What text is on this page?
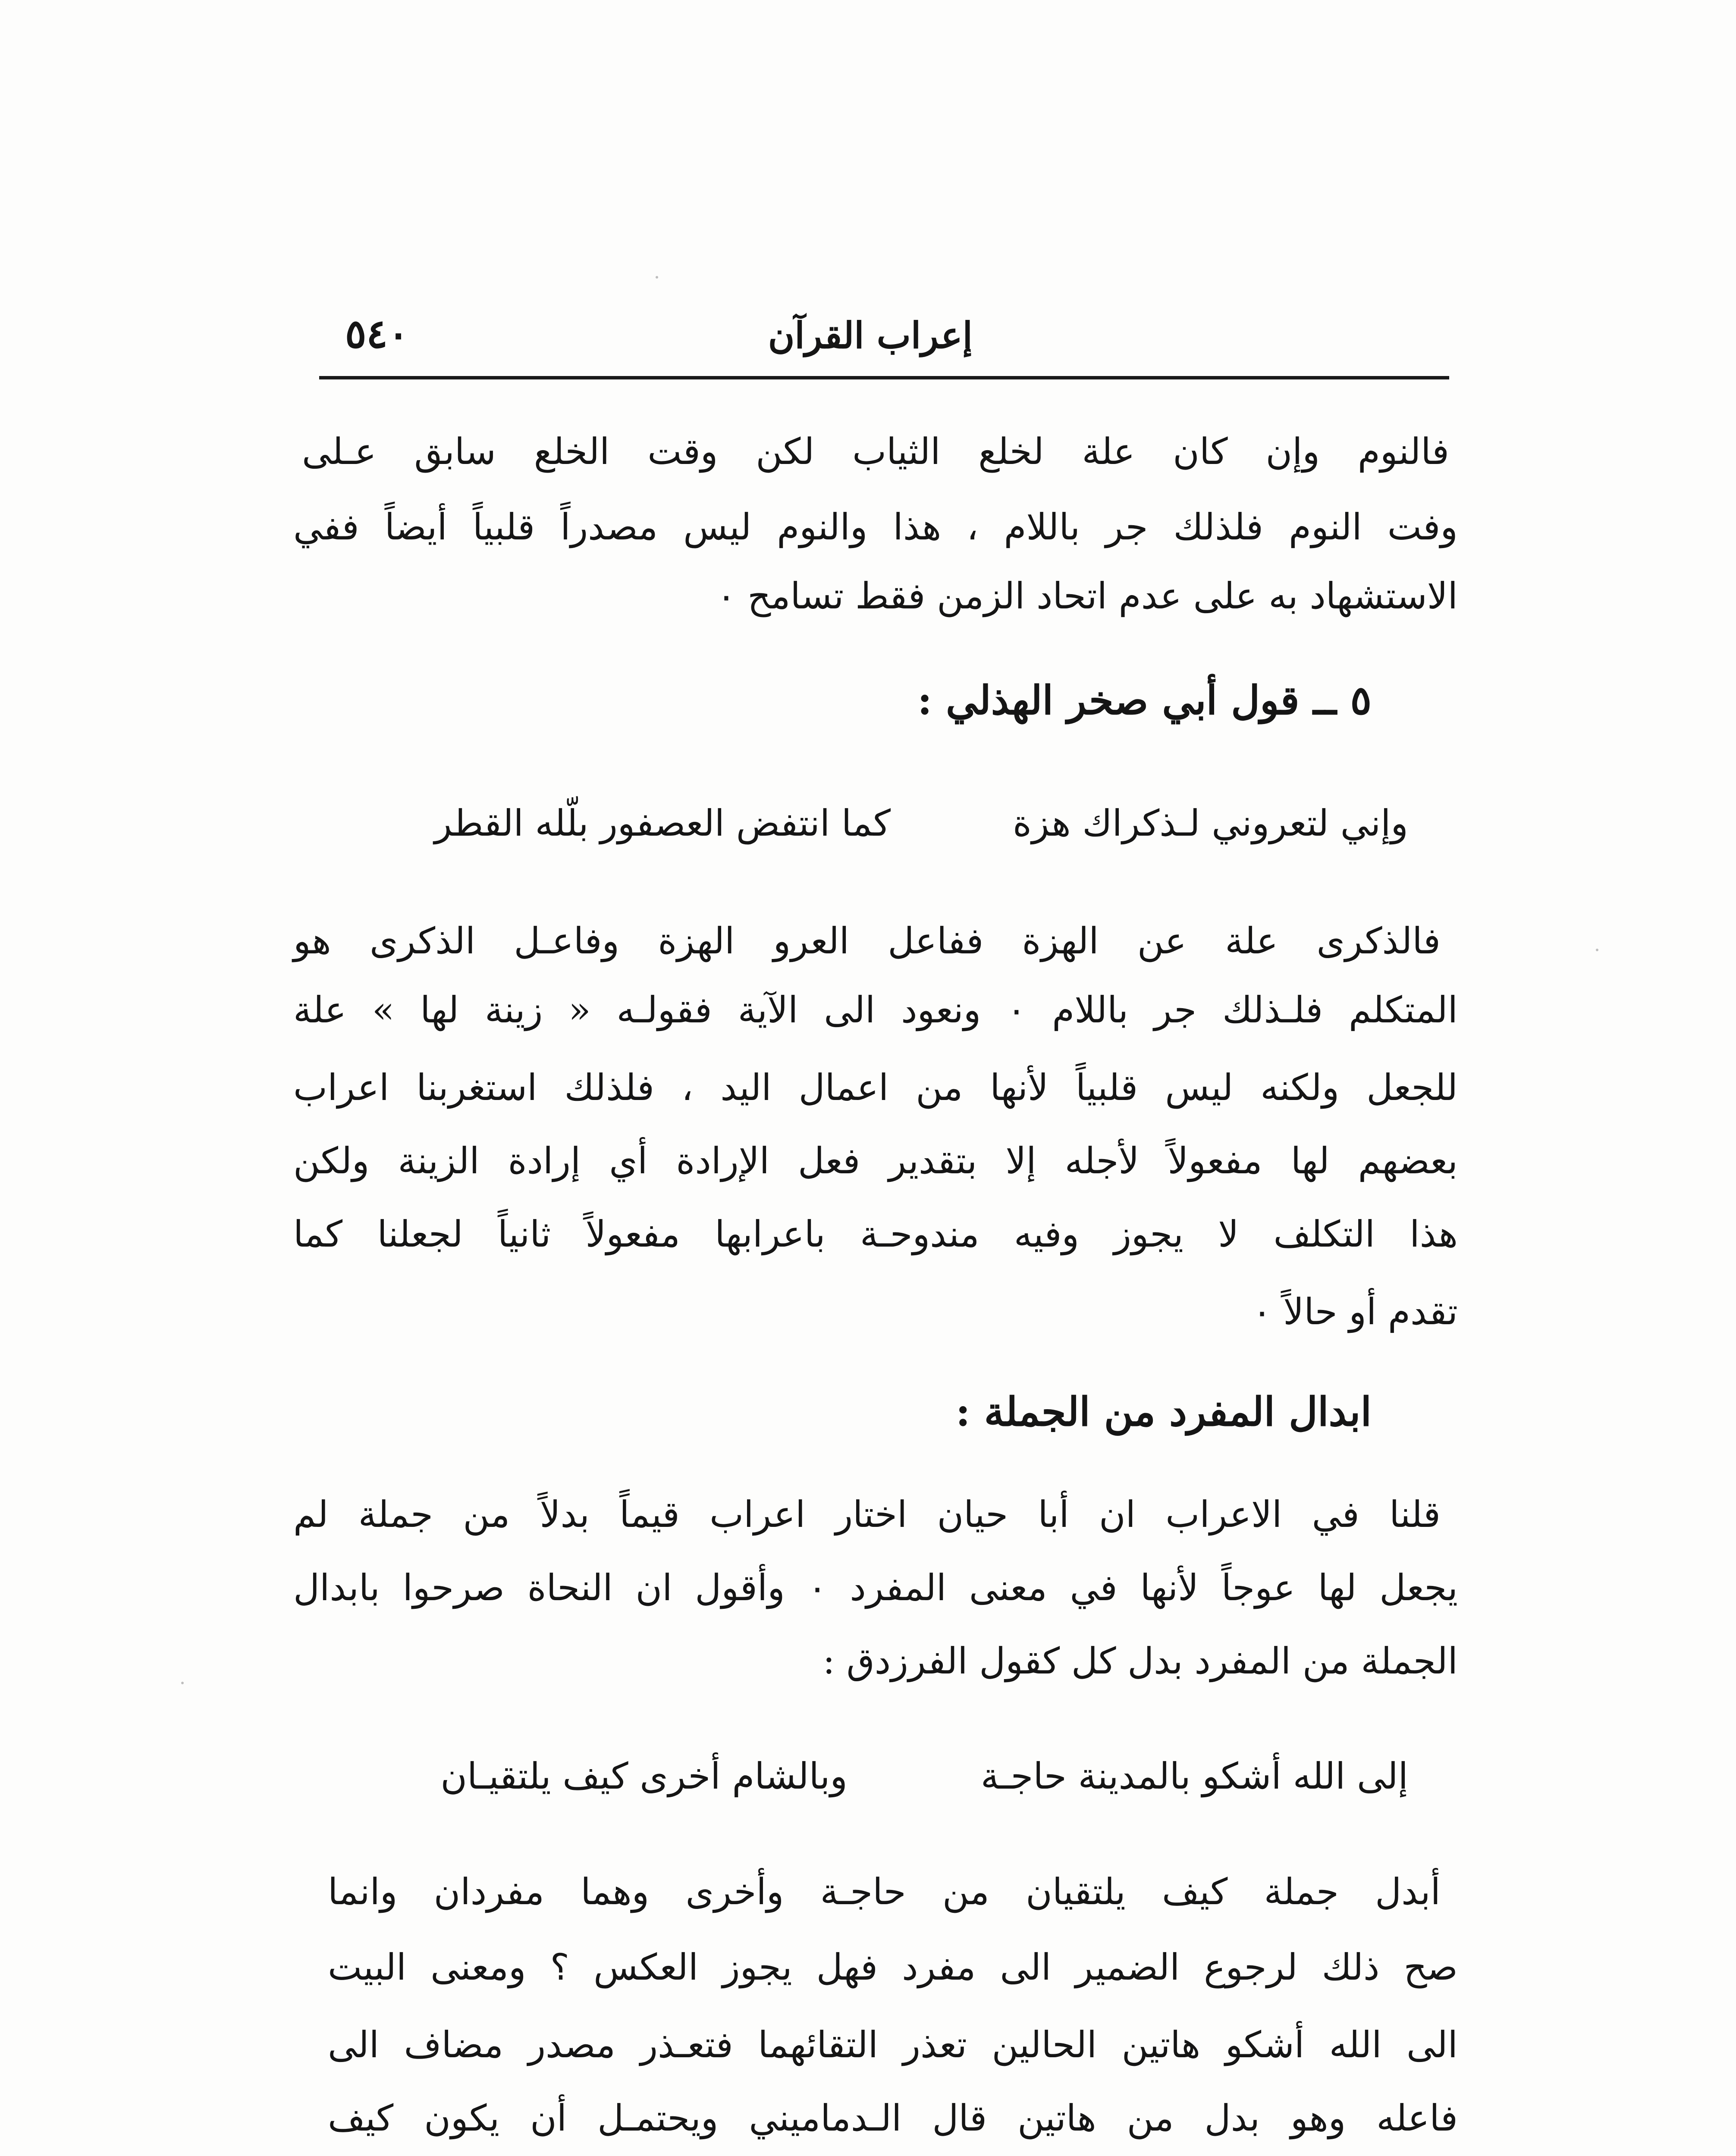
إعراب القرآن
٥٤٠
فالنوم وإن كان علة لخلع الثياب لكن وقت الخلع سابق عـلى
وفت النوم فلذلك جر باللام ، هذا والنوم ليس مصدراً قلبياً أيضاً ففي
الاستشهاد به على عدم اتحاد الزمن فقط تسامح ٠
٥ ــ قول أبي صخر الهذلي :
وإني لتعروني لـذكراك هزة
كما انتفض العصفور بلّله القطر
فالذكرى علة عن الهزة ففاعل العرو الهزة وفاعـل الذكرى هو
المتكلم فلـذلك جر باللام ٠ ونعود الى الآية فقولـه « زينة لها » علة
للجعل ولكنه ليس قلبياً لأنها من اعمال اليد ، فلذلك استغربنا اعراب
بعضهم لها مفعولاً لأجله إلا بتقدير فعل الإرادة أي إرادة الزينة ولكن
هذا التكلف لا يجوز وفيه مندوحـة باعرابها مفعولاً ثانياً لجعلنا كما
تقدم أو حالاً ٠
ابدال المفرد من الجملة :
قلنا في الاعراب ان أبا حيان اختار اعراب قيماً بدلاً من جملة لم
يجعل لها عوجاً لأنها في معنى المفرد ٠ وأقول ان النحاة صرحوا بابدال
الجملة من المفرد بدل كل كقول الفرزدق :
إلى الله أشكو بالمدينة حاجـة
وبالشام أخرى كيف يلتقيـان
أبدل جملة كيف يلتقيان من حاجـة وأخرى وهما مفردان وانما
صح ذلك لرجوع الضمير الى مفرد فهل يجوز العكس ؟ ومعنى البيت
الى الله أشكو هاتين الحالين تعذر التقائهما فتعـذر مصدر مضاف الى
فاعله وهو بدل من هاتين قال الـدماميني ويحتمـل أن يكون كيف
